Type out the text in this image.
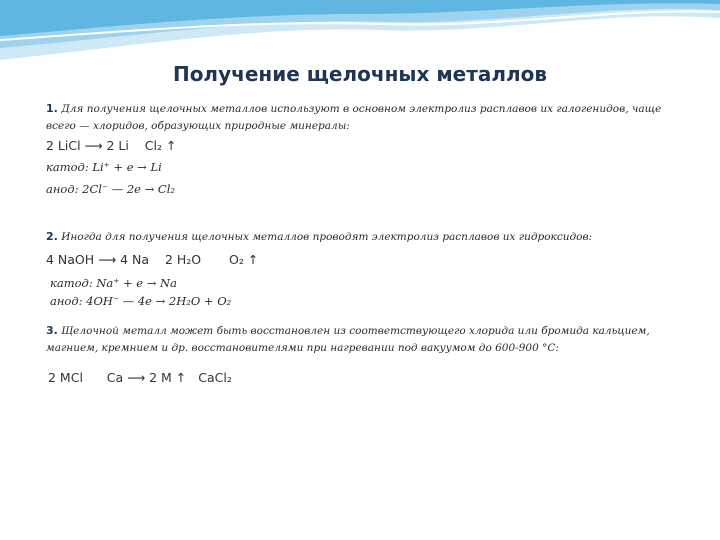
Получение щелочных металлов
1. Для получения щелочных металлов используют в основном электролиз расплавов их галогенидов, чаще всего — хлоридов, образующих природные минералы:
2 LiCl ⟶ 2 Li Cl₂ ↑
катод: Li⁺ + e → Li
анод: 2Cl⁻ — 2e → Cl₂
2. Иногда для получения щелочных металлов проводят электролиз расплавов их гидроксидов:
4 NaOH ⟶ 4 Na 2 H₂O O₂ ↑
катод: Na⁺ + e → Na
анод: 4OH⁻ — 4e → 2H₂O + O₂
3. Щелочной металл может быть восстановлен из соответствующего хлорида или бромида кальцием, магнием, кремнием и др. восстановителями при нагревании под вакуумом до 600-900 °С:
2 MCl Ca ⟶ 2 M ↑ CaCl₂
